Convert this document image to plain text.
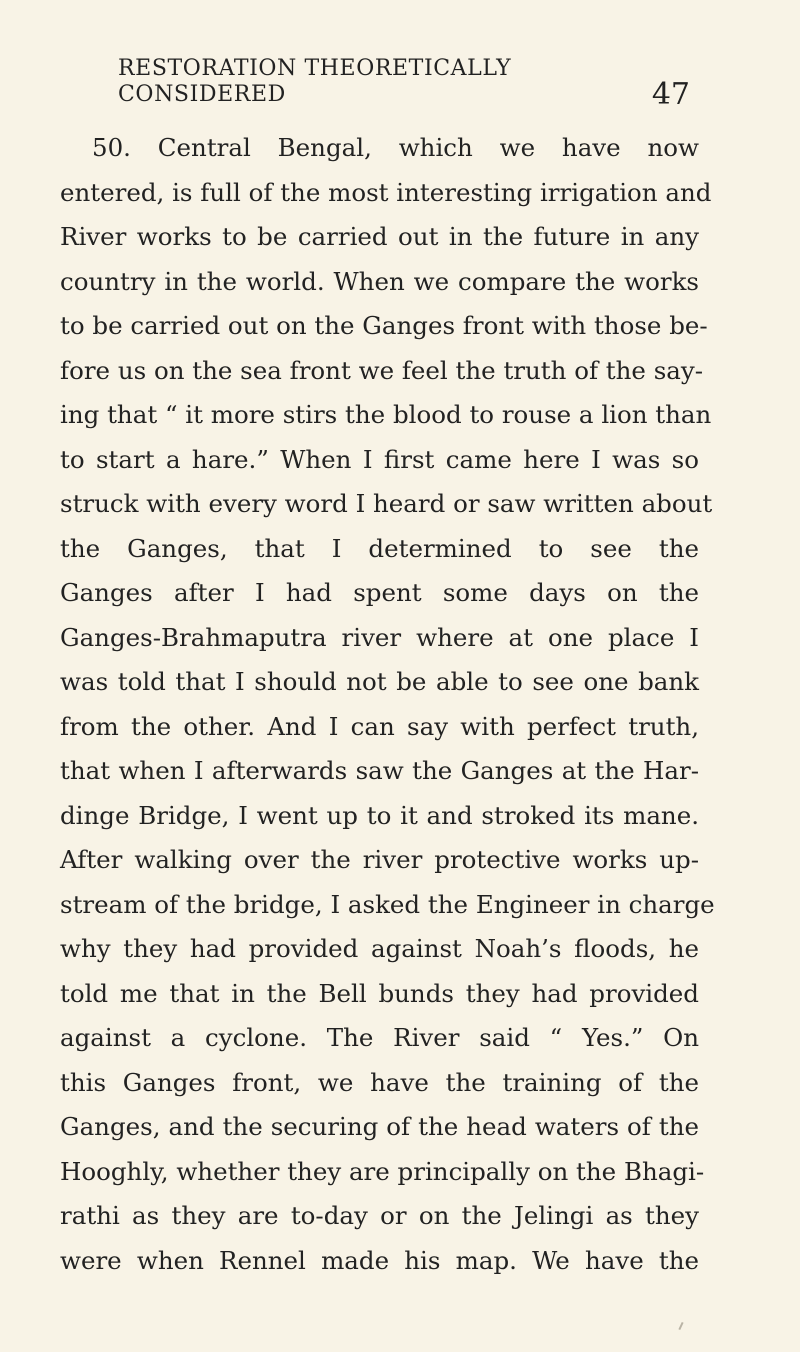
RESTORATION THEORETICALLY CONSIDERED	47
50. Central Bengal, which we have now
entered, is full of the most interesting irrigation and
River works to be carried out in the future in any
country in the world. When we compare the works
to be carried out on the Ganges front with those be-
fore us on the sea front we feel the truth of the say-
ing that “ it more stirs the blood to rouse a lion than
to start a hare.” When I first came here I was so
struck with every word I heard or saw written about
the Ganges, that I determined to see the
Ganges after I had spent some days on the
Ganges-Brahmaputra river where at one place I
was told that I should not be able to see one bank
from the other. And I can say with perfect truth,
that when I afterwards saw the Ganges at the Har-
dinge Bridge, I went up to it and stroked its mane.
After walking over the river protective works up-
stream of the bridge, I asked the Engineer in charge
why they had provided against Noah’s floods, he
told me that in the Bell bunds they had provided
against a cyclone. The River said “ Yes.” On
this Ganges front, we have the training of the
Ganges, and the securing of the head waters of the
Hooghly, whether they are principally on the Bhagi-
rathi as they are to-day or on the Jelingi as they
were when Rennel made his map. We have the
